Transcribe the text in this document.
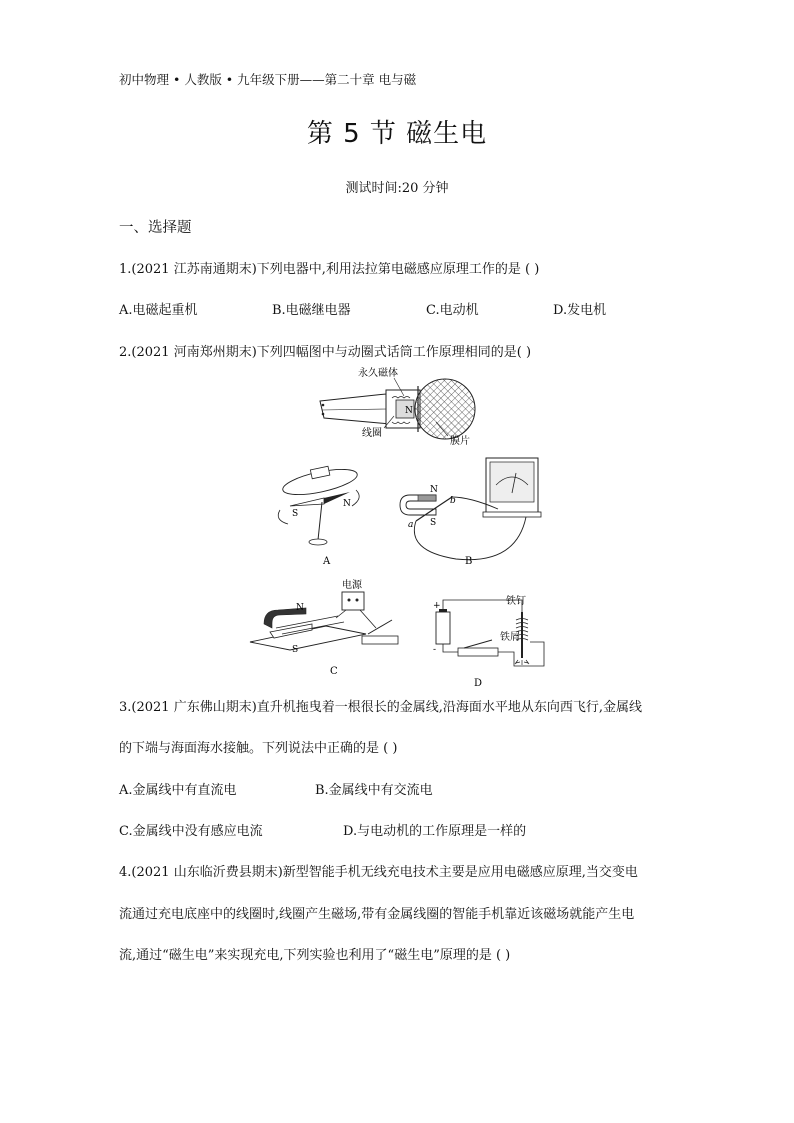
初中物理 • 人教版 • 九年级下册——第二十章 电与磁
第 5 节 磁生电
测试时间:20 分钟
一、选择题
1.(2021 江苏南通期末)下列电器中,利用法拉第电磁感应原理工作的是 ( )
A.电磁起重机	B.电磁继电器	C.电动机	D.发电机
2.(2021 河南郑州期末)下列四幅图中与动圈式话筒工作原理相同的是( )
永久磁体
线圈
膜片
N
S
N
A
N
S
a
b
B
N
S
电源
C
+
-
铁钉
铁屑
D
3.(2021 广东佛山期末)直升机拖曳着一根很长的金属线,沿海面水平地从东向西飞行,金属线
的下端与海面海水接触。下列说法中正确的是 ( )
A.金属线中有直流电	B.金属线中有交流电
C.金属线中没有感应电流	D.与电动机的工作原理是一样的
4.(2021 山东临沂费县期末)新型智能手机无线充电技术主要是应用电磁感应原理,当交变电
流通过充电底座中的线圈时,线圈产生磁场,带有金属线圈的智能手机靠近该磁场就能产生电
流,通过“磁生电”来实现充电,下列实验也利用了“磁生电”原理的是 ( )
